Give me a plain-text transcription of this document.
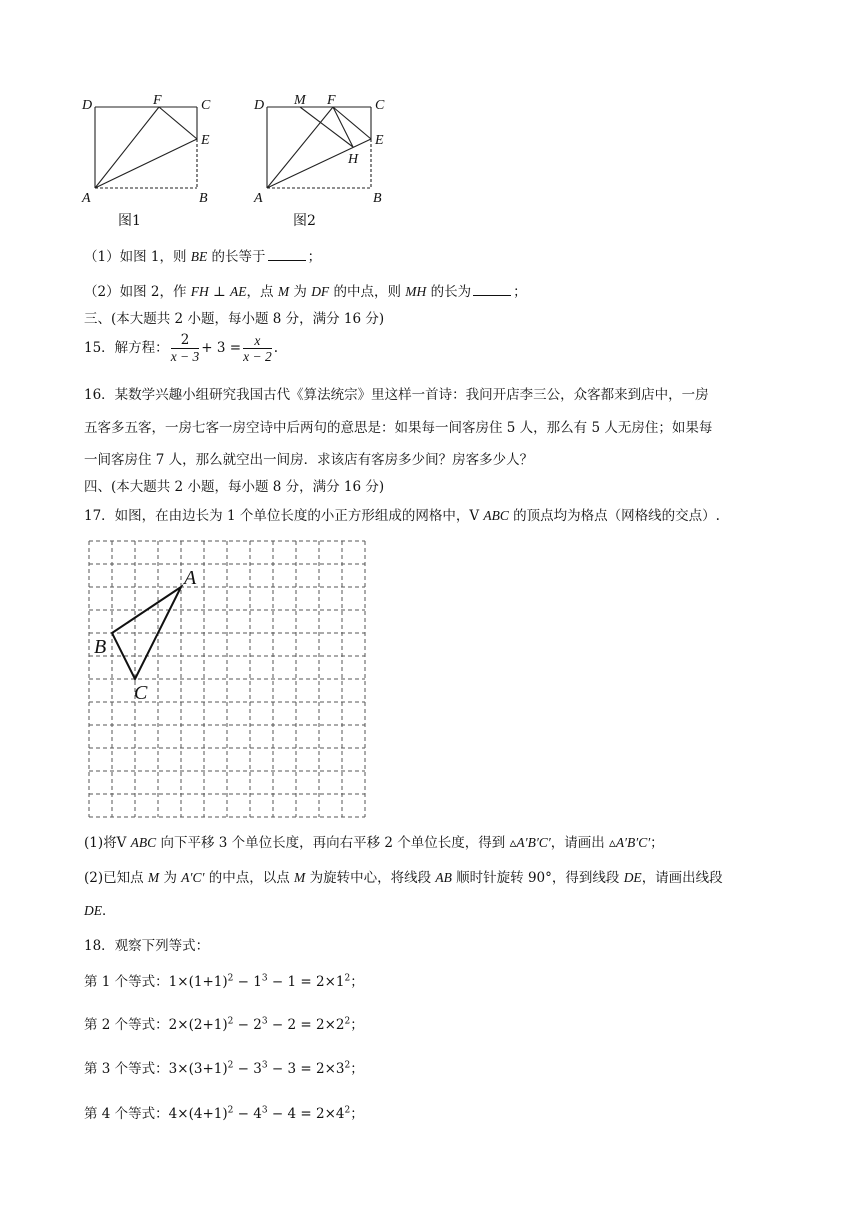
D	F	C
E
A	B
图1
D M F	C
E
H
A	B
图2
（1）如图 1，则 BE 的长等于	；
（2）如图 2，作 FH ⊥ AE，点 M 为 DF 的中点，则 MH 的长为	；
三、(本大题共 2 小题，每小题 8 分，满分 16 分)
15．解方程： $\frac{2}{x - 3} + 3 = \frac{x}{x - 2}$ .
16．某数学兴趣小组研究我国古代《算法统宗》里这样一首诗：我问开店李三公，众客都来到店中，一房
五客多五客，一房七客一房空诗中后两句的意思是：如果每一间客房住 5 人，那么有 5 人无房住；如果每
一间客房住 7 人，那么就空出一间房．求该店有客房多少间？房客多少人？
四、(本大题共 2 小题，每小题 8 分，满分 16 分)
17．如图，在由边长为 1 个单位长度的小正方形组成的网格中，V ABC 的顶点均为格点（网格线的交点）.
A
B
C
(1)将V ABC 向下平移 3 个单位长度，再向右平移 2 个单位长度，得到 ▵A′B′C′，请画出 ▵A′B′C′；
(2)已知点 M 为 A′C′ 的中点，以点 M 为旋转中心，将线段 AB 顺时针旋转 90°，得到线段 DE，请画出线段
DE．
18．观察下列等式：
第 1 个等式：$1\times(1+1)^2 - 1^3 - 1 = 2\times 1^2$；
第 2 个等式：$2\times(2+1)^2 - 2^3 - 2 = 2\times 2^2$；
第 3 个等式：$3\times(3+1)^2 - 3^3 - 3 = 2\times 3^2$；
第 4 个等式：$4\times(4+1)^2 - 4^3 - 4 = 2\times 4^2$；
